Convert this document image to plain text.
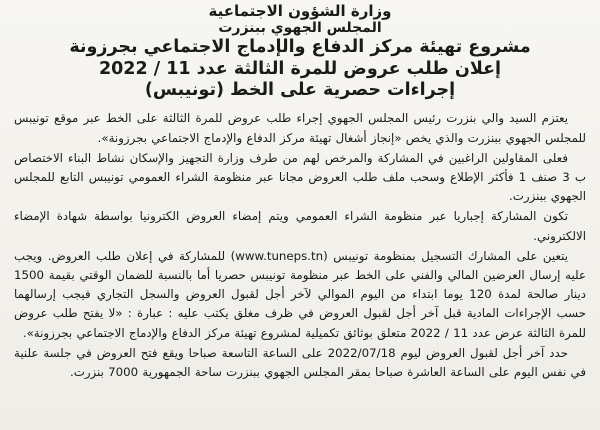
وزارة الشؤون الاجتماعية
المجلس الجهوي ببنزرت
مشروع تهيئة مركز الدفاع والإدماج الاجتماعي بجرزونة
إعلان طلب عروض للمرة الثالثة عدد 11 / 2022
إجراءات حصرية على الخط (تونيبس)

يعتزم السيد والي بنزرت رئيس المجلس الجهوي إجراء طلب عروض للمرة الثالثة على الخط عبر موقع تونيبس للمجلس الجهوي ببنزرت والذي يخص «إنجاز أشغال تهيئة مركز الدفاع والإدماج الاجتماعي بجرزونة».

فعلى المقاولين الراغبين في المشاركة والمرخص لهم من طرف وزارة التجهيز والإسكان نشاط البناء الاختصاص ب 3 صنف 1 فأكثر الإطلاع وسحب ملف طلب العروض مجانا عبر منظومة الشراء العمومي تونيبس التابع للمجلس الجهوي ببنزرت.

تكون المشاركة إجباريا عبر منظومة الشراء العمومي ويتم إمضاء العروض الكترونيا بواسطة شهادة الإمضاء الالكتروني.

يتعين على المشارك التسجيل بمنظومة تونيبس (www.tuneps.tn) للمشاركة في إعلان طلب العروض. ويجب عليه إرسال العرضين المالي والفني على الخط عبر منظومة تونيبس حصريا أما بالنسبة للضمان الوقتي بقيمة 1500 دينار صالحة لمدة 120 يوما ابتداء من اليوم الموالي لآخر أجل لقبول العروض والسجل التجاري فيجب إرسالهما حسب الإجراءات المادية قبل آخر أجل لقبول العروض في ظرف مغلق يكتب عليه : عبارة : «لا يفتح طلب عروض للمرة الثالثة عرض عدد 11 / 2022 متعلق بوثائق تكميلية لمشروع تهيئة مركز الدفاع والإدماج الاجتماعي بجرزونة».

حدد آخر أجل لقبول العروض ليوم 2022/07/18 على الساعة التاسعة صباحا ويقع فتح العروض في جلسة علنية في نفس اليوم على الساعة العاشرة صباحا بمقر المجلس الجهوي ببنزرت ساحة الجمهورية 7000 بنزرت.
